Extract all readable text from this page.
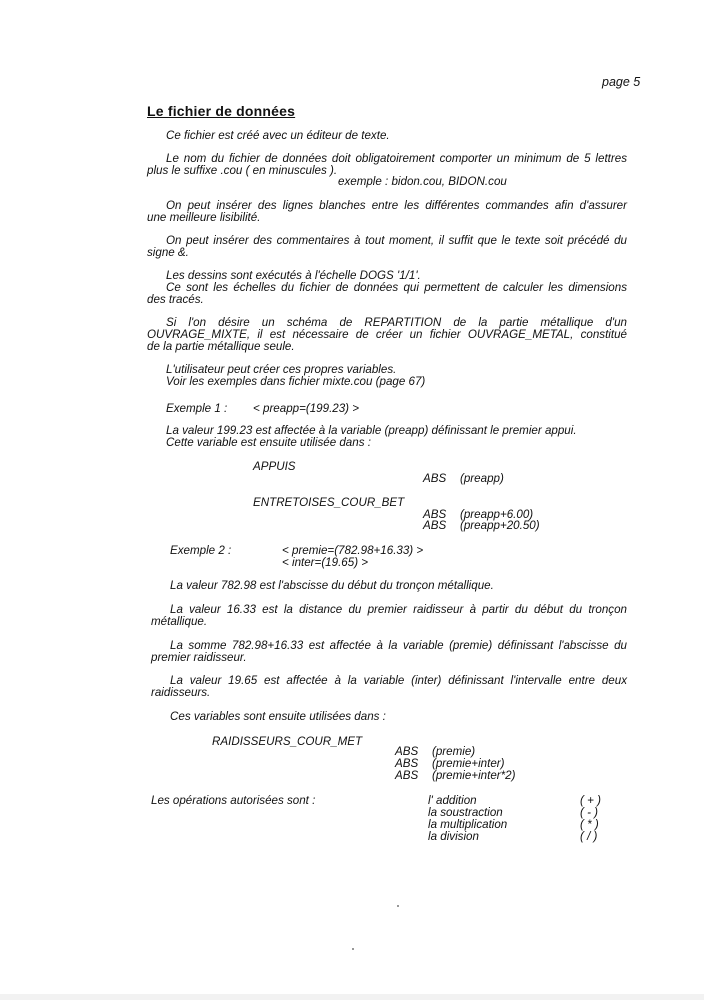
page 5
Le fichier de données
Ce fichier est créé avec un éditeur de texte.
Le nom du fichier de données doit obligatoirement comporter un minimum de 5 lettres
plus le suffixe .cou ( en minuscules ).
exemple : bidon.cou, BIDON.cou
On peut insérer des lignes blanches entre les différentes commandes afin d'assurer
une meilleure lisibilité.
On peut insérer des commentaires à tout moment, il suffit que le texte soit précédé du
signe &.
Les dessins sont exécutés à l'échelle DOGS '1/1'.
Ce sont les échelles du fichier de données qui permettent de calculer les dimensions
des tracés.
Si l'on désire un schéma de REPARTITION de la partie métallique d'un
OUVRAGE_MIXTE, il est nécessaire de créer un fichier OUVRAGE_METAL, constitué
de la partie métallique seule.
L'utilisateur peut créer ces propres variables.
Voir les exemples dans fichier mixte.cou (page 67)
Exemple 1 : < preapp=(199.23) >
La valeur 199.23 est affectée à la variable (preapp) définissant le premier appui.
Cette variable est ensuite utilisée dans :
APPUIS
ABS (preapp)
ENTRETOISES_COUR_BET
ABS (preapp+6.00)
ABS (preapp+20.50)
Exemple 2 :	< premie=(782.98+16.33) >
< inter=(19.65) >
La valeur 782.98 est l'abscisse du début du tronçon métallique.
La valeur 16.33 est la distance du premier raidisseur à partir du début du tronçon
métallique.
La somme 782.98+16.33 est affectée à la variable (premie) définissant l'abscisse du
premier raidisseur.
La valeur 19.65 est affectée à la variable (inter) définissant l'intervalle entre deux
raidisseurs.
Ces variables sont ensuite utilisées dans :
RAIDISSEURS_COUR_MET
ABS (premie)
ABS (premie+inter)
ABS (premie+inter*2)
Les opérations autorisées sont :	l' addition	( + )
la soustraction	( - )
la multiplication	( * )
la division	( / )
